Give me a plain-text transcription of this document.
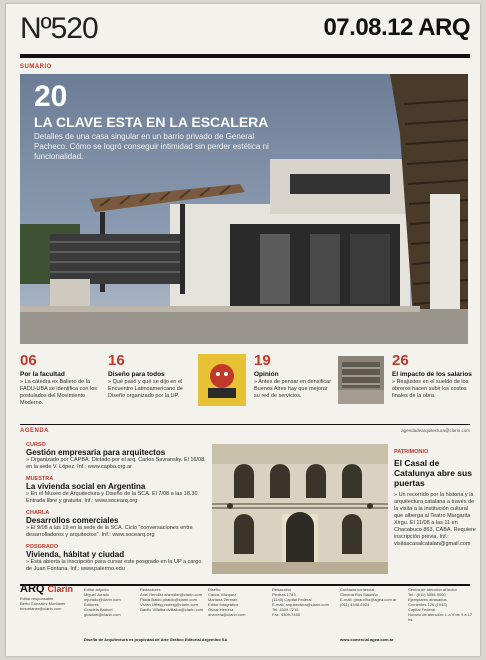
Nº520	07.08.12 ARQ
SUMARIO
20
LA CLAVE ESTA EN LA ESCALERA
Detalles de una casa singular en un barrio privado de General Pacheco. Cómo se logró conseguir intimidad sin perder estética ni funcionalidad.
06
Por la facultad
» La cátedra ex Baliero de la FADU-UBA se identifica con los postulados del Movimiento Moderno.
16
Diseño para todos
» Qué pasó y qué se dijo en el Encuentro Latinoamericano de Diseño organizado por la UP.
19
Opinión
» Antes de pensar en densificar Buenos Aires hay que mejorar su red de servicios.
26
El impacto de los salarios
» Reajustes en el sueldo de los obreros hacen subir los costos finales de la obra.
AGENDA	agendadearquitectura@clarin.com
CURSO
Gestión empresaria para arquitectos
» Organizado por CAPBA. Dictado por el arq. Carlos Savransky. El 16/08, en la sede V. López. Inf.: www.capba.org.ar
MUESTRA
La vivienda social en Argentina
» En el Museo de Arquitectura y Diseño de la SCA. El 7/08 a las 18.30. Entrada libre y gratuita. Inf.: www.socearq.org
CHARLA
Desarrollos comerciales
» El 9/08 a las 19 en la sede de la SCA. Ciclo "conversaciones entre desarrolladores y arquitectos". Inf.: www.socearq.org
POSGRADO
Vivienda, hábitat y ciudad
» Está abierta la inscripción para cursar este posgrado en la UP a cargo de Juan Fontana. Inf.: www.palermo.edu
PATRIMONIO
El Casal de Catalunya abre sus puertas
» Un recorrido por la historia y la arquitectura catalana a través de la visita a la institución cultural que alberga al Teatro Margarita Xirgu. El 11/08 a las 11 en Chacabuco 863, CABA. Requiere inscripción previa. Inf.: visitascasalcatalan@gmail.com
ARQ Clarín
Editor responsable
Berto González Montaner
bmontaner@clarin.com
Editor adjunto
Miguel Jurado
mjurado@clarin.com
Editores
Graciela Baduel
gbaduel@clarin.com
Redactores
Ariel Hendler ahendler@clarin.com
Paula Baldo pbaldo@clarin.com
Vivian Urfeig vurfeig@clarin.com
Danilo Villalba dvillalba@clarin.com
Diseño
Carlos Vázquez
Mariana Zerman
Editor fotográfico
Oscar Herrera oherrera@clarin.com
Redacción
Piedras 1743
(1140) Capital Federal
E-mail: arquitectura@clarin.com
Tel. 4309-7215
Fax. 4309-7455
Contacto comercial
Gimena Ros Mauriño
E-mail: gmauriño@agea.com.ar
(011) 4348-6924
Centro de atención al lector
Tel.: (011) 5556-0000
Ejemplares atrasados
Corrientes 126 (1043)
Capital Federal
Horario de atención: L a V de 9 a 17 hs.
Diseño de Arquitectura es propiedad de Arte Gráfico Editorial Argentino SA	www.comercial.agea.com.ar
